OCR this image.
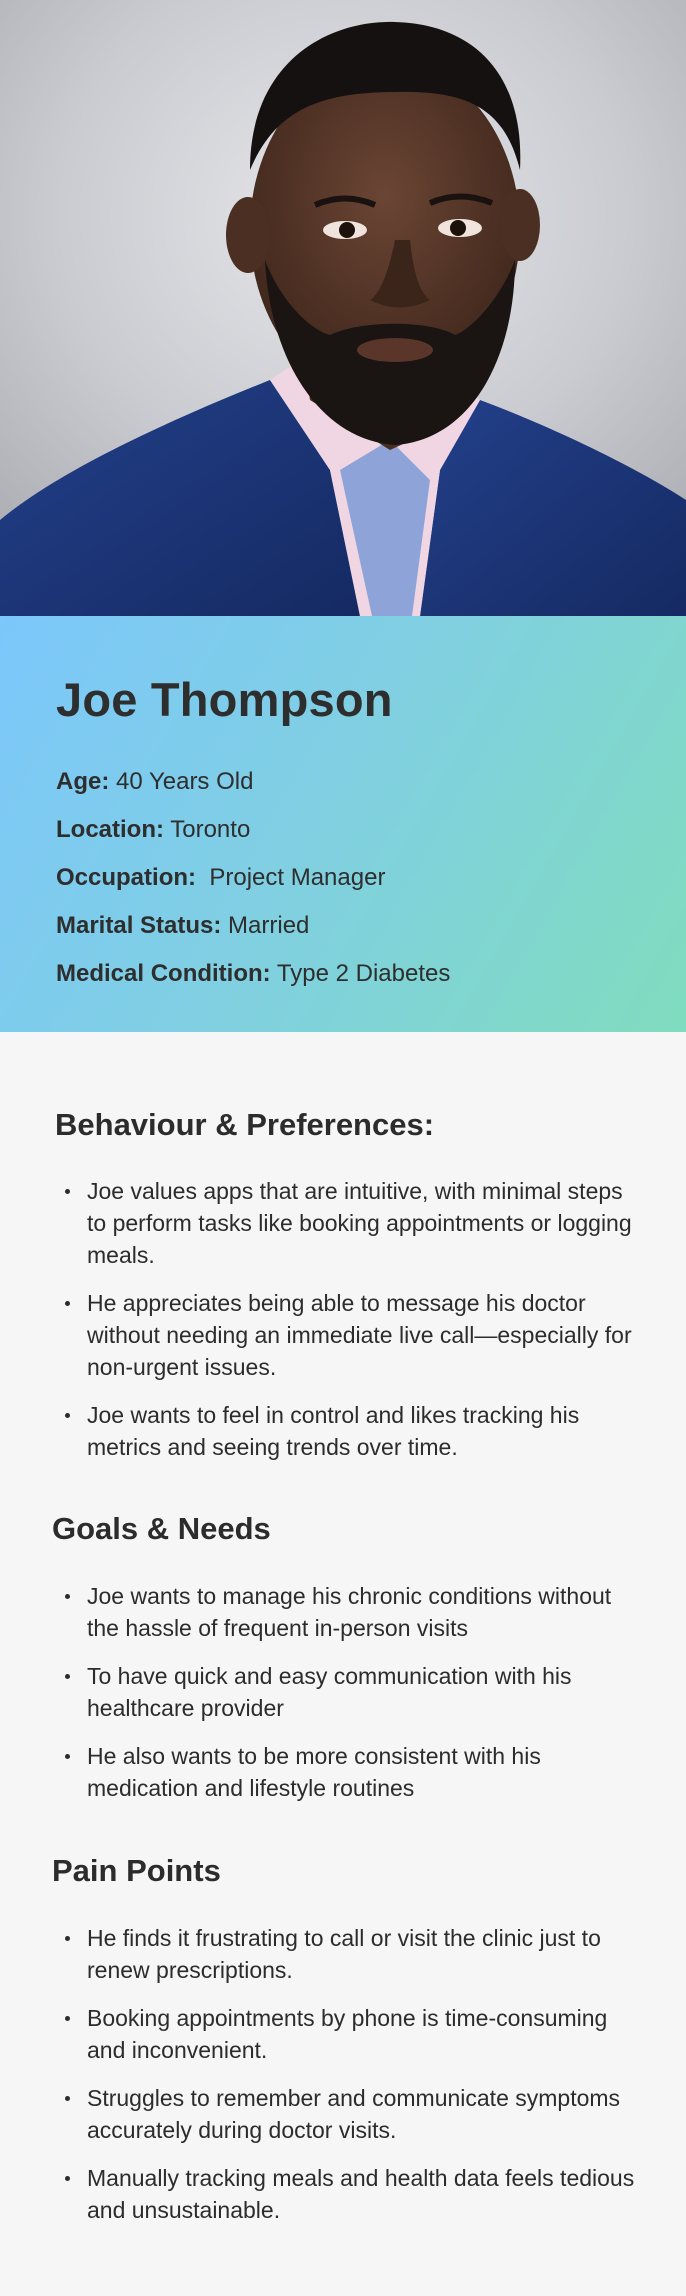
Joe Thompson
Age: 40 Years Old
Location: Toronto
Occupation:  Project Manager
Marital Status: Married
Medical Condition: Type 2 Diabetes
Behaviour & Preferences:
Joe values apps that are intuitive, with minimal steps to perform tasks like booking appointments or logging meals.
He appreciates being able to message his doctor without needing an immediate live call—especially for non-urgent issues.
Joe wants to feel in control and likes tracking his metrics and seeing trends over time.
Goals & Needs
Joe wants to manage his chronic conditions without the hassle of frequent in-person visits
To have quick and easy communication with his healthcare provider
He also wants to be more consistent with his medication and lifestyle routines
Pain Points
He finds it frustrating to call or visit the clinic just to renew prescriptions.
Booking appointments by phone is time-consuming and inconvenient.
Struggles to remember and communicate symptoms accurately during doctor visits.
Manually tracking meals and health data feels tedious and unsustainable.
